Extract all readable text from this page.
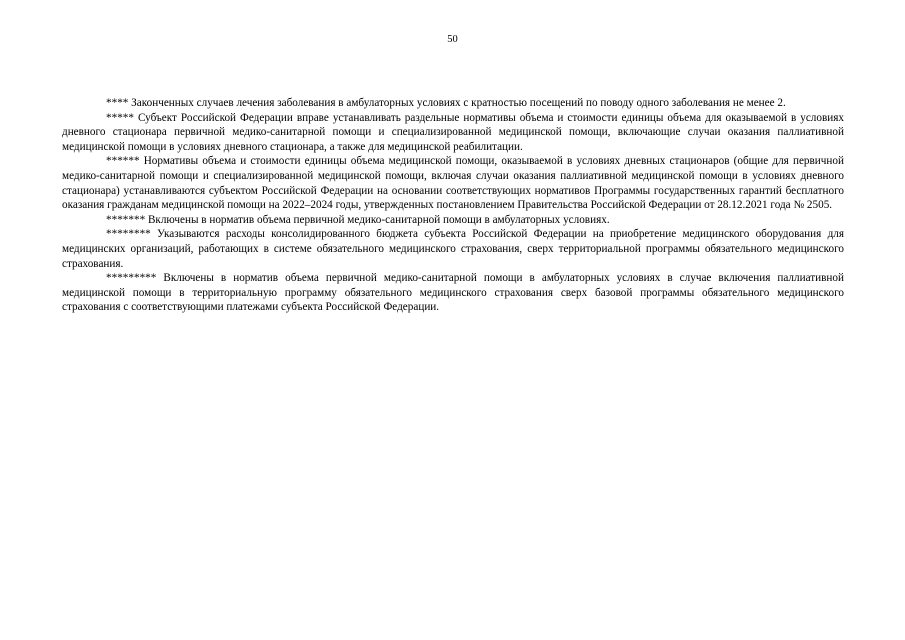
50

**** Законченных случаев лечения заболевания в амбулаторных условиях с кратностью посещений по поводу одного заболевания не менее 2.

***** Субъект Российской Федерации вправе устанавливать раздельные нормативы объема и стоимости единицы объема для оказываемой в условиях дневного стационара первичной медико-санитарной помощи и специализированной медицинской помощи, включающие случаи оказания паллиативной медицинской помощи в условиях дневного стационара, а также для медицинской реабилитации.

****** Нормативы объема и стоимости единицы объема медицинской помощи, оказываемой в условиях дневных стационаров (общие для первичной медико-санитарной помощи и специализированной медицинской помощи, включая случаи оказания паллиативной медицинской помощи в условиях дневного стационара) устанавливаются субъектом Российской Федерации на основании соответствующих нормативов Программы государственных гарантий бесплатного оказания гражданам медицинской помощи на 2022–2024 годы, утвержденных постановлением Правительства Российской Федерации от 28.12.2021 года № 2505.

******* Включены в норматив объема первичной медико-санитарной помощи в амбулаторных условиях.

******** Указываются расходы консолидированного бюджета субъекта Российской Федерации на приобретение медицинского оборудования для медицинских организаций, работающих в системе обязательного медицинского страхования, сверх территориальной программы обязательного медицинского страхования.

********* Включены в норматив объема первичной медико-санитарной помощи в амбулаторных условиях в случае включения паллиативной медицинской помощи в территориальную программу обязательного медицинского страхования сверх базовой программы обязательного медицинского страхования с соответствующими платежами субъекта Российской Федерации.
